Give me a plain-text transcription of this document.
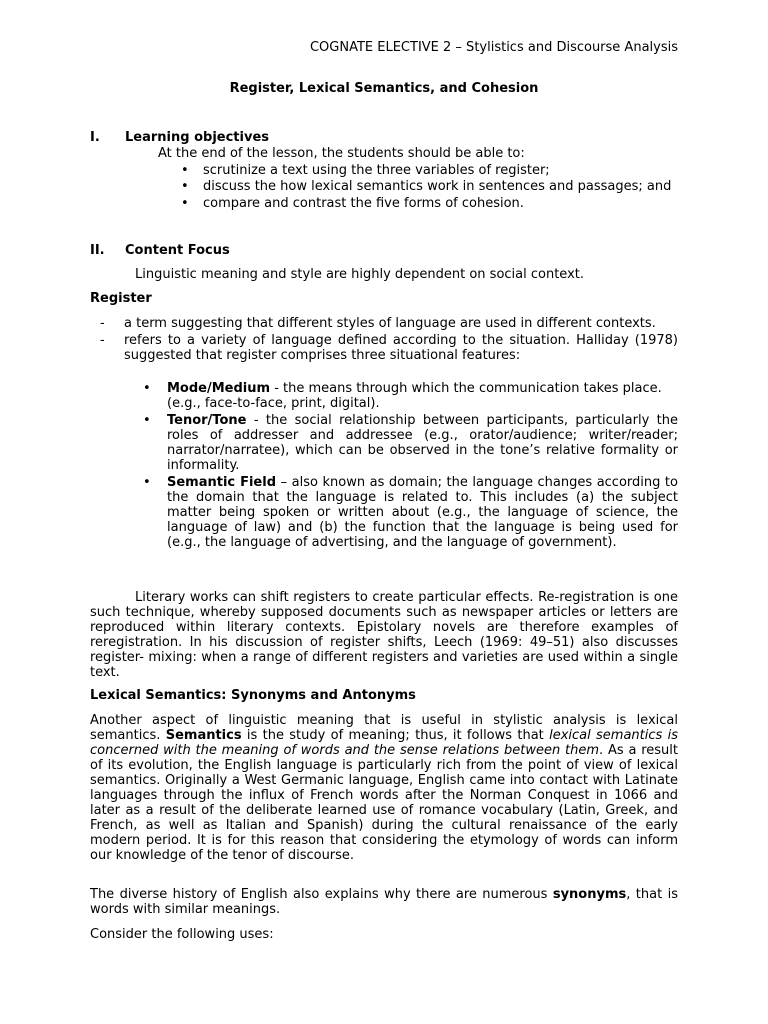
COGNATE ELECTIVE 2 – Stylistics and Discourse Analysis
Register, Lexical Semantics, and Cohesion
I.	Learning objectives
At the end of the lesson, the students should be able to:
• scrutinize a text using the three variables of register;
• discuss the how lexical semantics work in sentences and passages; and
• compare and contrast the five forms of cohesion.
II.	Content Focus
Linguistic meaning and style are highly dependent on social context.
Register
- a term suggesting that different styles of language are used in different contexts.
- refers to a variety of language defined according to the situation. Halliday (1978) suggested that register comprises three situational features:
• Mode/Medium - the means through which the communication takes place.
(e.g., face-to-face, print, digital).
• Tenor/Tone - the social relationship between participants, particularly the roles of addresser and addressee (e.g., orator/audience; writer/reader; narrator/narratee), which can be observed in the tone’s relative formality or informality.
• Semantic Field – also known as domain; the language changes according to the domain that the language is related to. This includes (a) the subject matter being spoken or written about (e.g., the language of science, the language of law) and (b) the function that the language is being used for (e.g., the language of advertising, and the language of government).

Literary works can shift registers to create particular effects. Re-registration is one such technique, whereby supposed documents such as newspaper articles or letters are reproduced within literary contexts. Epistolary novels are therefore examples of reregistration. In his discussion of register shifts, Leech (1969: 49–51) also discusses register- mixing: when a range of different registers and varieties are used within a single text.

Lexical Semantics: Synonyms and Antonyms

Another aspect of linguistic meaning that is useful in stylistic analysis is lexical semantics. Semantics is the study of meaning; thus, it follows that lexical semantics is concerned with the meaning of words and the sense relations between them. As a result of its evolution, the English language is particularly rich from the point of view of lexical semantics. Originally a West Germanic language, English came into contact with Latinate languages through the influx of French words after the Norman Conquest in 1066 and later as a result of the deliberate learned use of romance vocabulary (Latin, Greek, and French, as well as Italian and Spanish) during the cultural renaissance of the early modern period. It is for this reason that considering the etymology of words can inform our knowledge of the tenor of discourse.

The diverse history of English also explains why there are numerous synonyms, that is words with similar meanings.

Consider the following uses:
